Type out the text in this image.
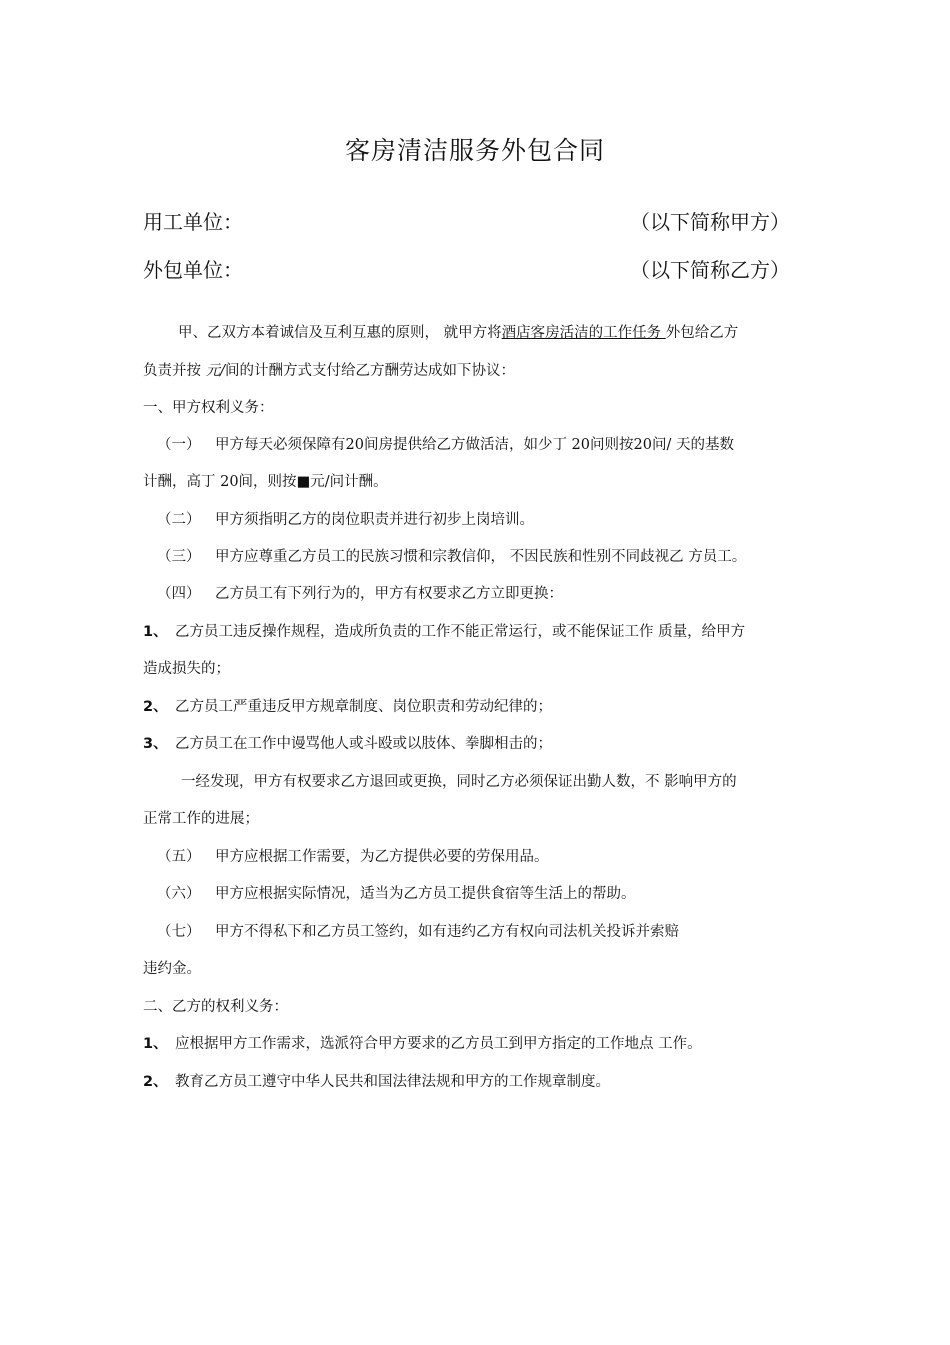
客房清洁服务外包合同
用工单位：	（以下简称甲方）
外包单位：	（以下简称乙方）
甲、乙双方本着诚信及互利互惠的原则， 就甲方将酒店客房活洁的工作任务 外包给乙方
负责并按 元/间的计酬方式支付给乙方酬劳达成如下协议：
一、甲方权利义务：
（一） 甲方每天必须保障有20间房提供给乙方做活洁，如少丁 20问则按20问/ 天的基数
计酬，高丁 20间，则按■元/问计酬。
（二） 甲方须指明乙方的岗位职责并进行初步上岗培训。
（三） 甲方应尊重乙方员工的民族习惯和宗教信仰， 不因民族和性别不同歧视乙 方员工。
（四） 乙方员工有下列行为的，甲方有权要求乙方立即更换：
1、 乙方员工违反操作规程，造成所负责的工作不能正常运行，或不能保证工作 质量，给甲方
造成损失的；
2、 乙方员工严重违反甲方规章制度、岗位职责和劳动纪律的；
3、 乙方员工在工作中谩骂他人或斗殴或以肢体、拳脚相击的；
一经发现，甲方有权要求乙方退回或更换，同时乙方必须保证出勤人数，不 影响甲方的
正常工作的进展；
（五） 甲方应根据工作需要，为乙方提供必要的劳保用品。
（六） 甲方应根据实际情况，适当为乙方员工提供食宿等生活上的帮助。
（七） 甲方不得私下和乙方员工签约，如有违约乙方有权向司法机关投诉并索赔
违约金。
二、乙方的权利义务：
1、 应根据甲方工作需求，选派符合甲方要求的乙方员工到甲方指定的工作地点 工作。
2、 教育乙方员工遵守中华人民共和国法律法规和甲方的工作规章制度。
